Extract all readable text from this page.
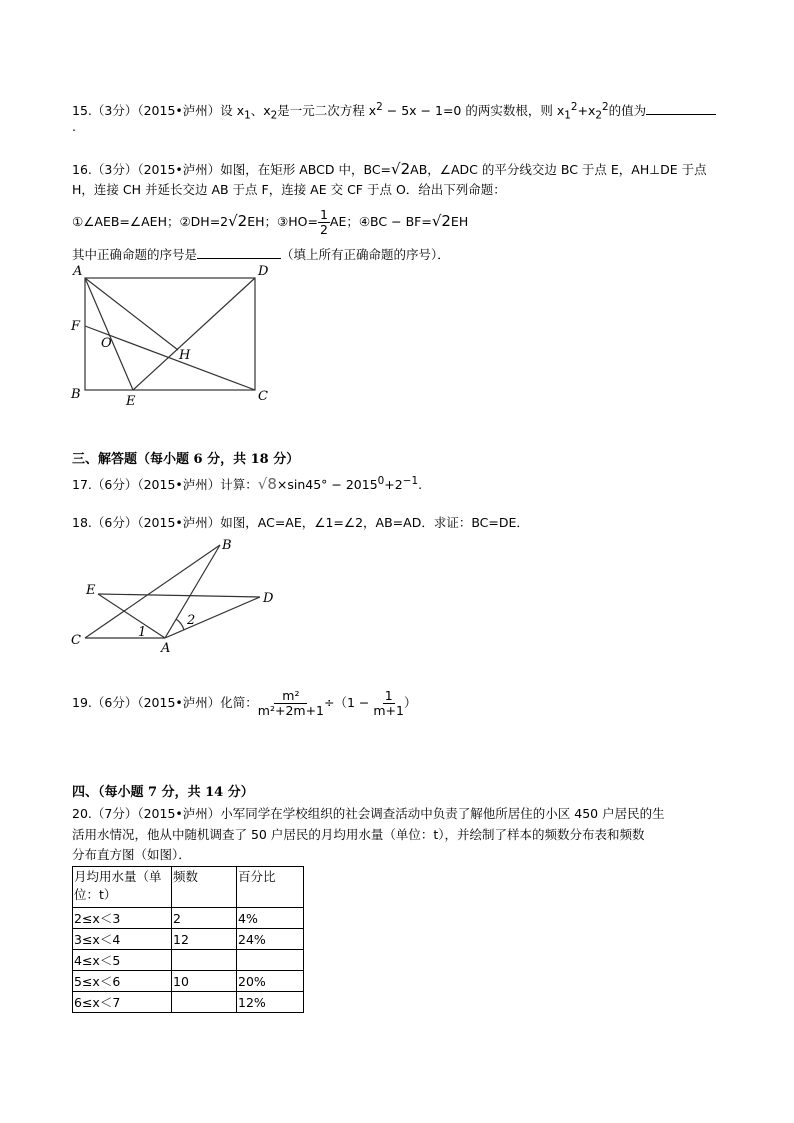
15.（3分）（2015•泸州）设 $x_1$、$x_2$是一元二次方程 $x^2 - 5x - 1=0$ 的两实数根，则 $x_1^2+x_2^2$的值为
.
16.（3分）（2015•泸州）如图，在矩形 ABCD 中，BC=√2AB，∠ADC 的平分线交边 BC 于点 E，AH⊥DE 于点
H，连接 CH 并延长交边 AB 于点 F，连接 AE 交 CF 于点 O．给出下列命题：
①∠AEB=∠AEH；②DH=2√2EH；③HO= $\frac{1}{2}$ AE；④BC − BF=√2EH
其中正确命题的序号是	（填上所有正确命题的序号）．
A	D
F
O
H
B	E	C
B
E
D
C
A
1
2
三、解答题（每小题 6 分，共 18 分）
17.（6分）（2015•泸州）计算：$√8\times\sin 45^\circ - 2015^0+2^{-1}$.
18.（6分）（2015•泸州）如图，AC=AE，∠1=∠2，AB=AD．求证：BC=DE．
19.（6分）（2015•泸州）化简： $\frac{\text{m²}}{\text{m²+2m+1}} \div(1 - \frac{1}{m+1}$ ）
四、（每小题 7 分，共 14 分）
20.（7分）（2015•泸州）小军同学在学校组织的社会调查活动中负责了解他所居住的小区 450 户居民的生
活用水情况，他从中随机调查了 50 户居民的月均用水量（单位：t），并绘制了样本的频数分布表和频数
分布直方图（如图）．
月均用水量（单位：t）	频数	百分比
2≤x＜3	2	4%
3≤x＜4	12	24%
4≤x＜5		
5≤x＜6	10	20%
6≤x＜7		12%
